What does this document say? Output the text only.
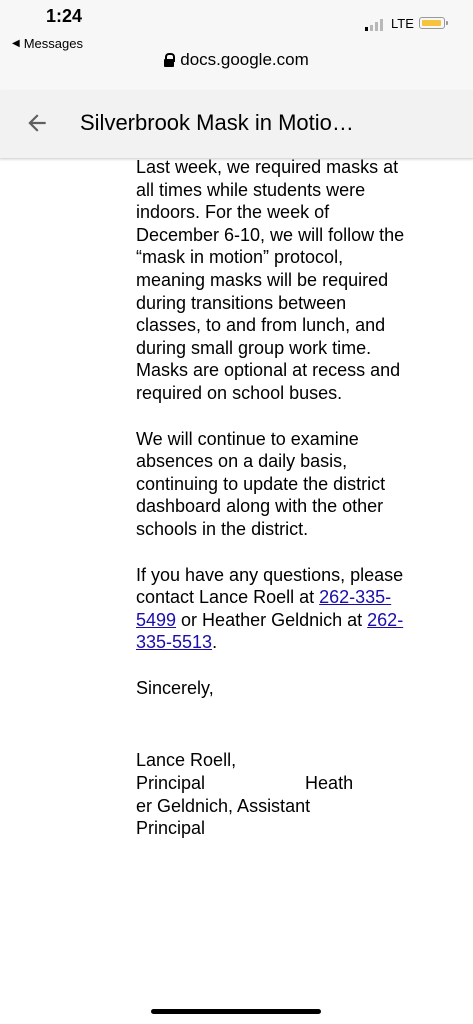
1:24
◀ Messages
LTE
docs.google.com
Silverbrook Mask in Motio…

Last week, we required masks at all times while students were indoors. For the week of December 6-10, we will follow the “mask in motion” protocol, meaning masks will be required during transitions between classes, to and from lunch, and during small group work time. Masks are optional at recess and required on school buses.

We will continue to examine absences on a daily basis, continuing to update the district dashboard along with the other schools in the district.

If you have any questions, please contact Lance Roell at 262-335-5499 or Heather Geldnich at 262-335-5513.

Sincerely,

Lance Roell,
Principal                    Heath
er Geldnich, Assistant
Principal
